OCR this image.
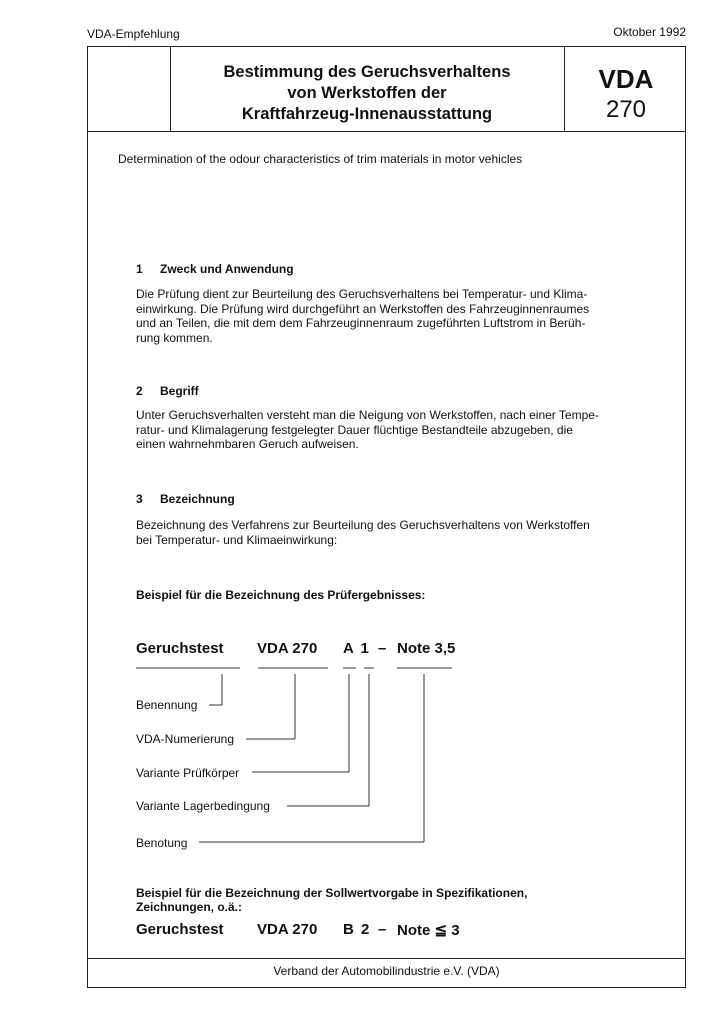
VDA-Empfehlung	Oktober 1992
Bestimmung des Geruchsverhaltens
von Werkstoffen der
Kraftfahrzeug-Innenausstattung
VDA
270
Determination of the odour characteristics of trim materials in motor vehicles
1 Zweck und Anwendung
Die Prüfung dient zur Beurteilung des Geruchsverhaltens bei Temperatur- und Klima-
einwirkung. Die Prüfung wird durchgeführt an Werkstoffen des Fahrzeuginnenraumes
und an Teilen, die mit dem dem Fahrzeuginnenraum zugeführten Luftstrom in Berüh-
rung kommen.
2 Begriff
Unter Geruchsverhalten versteht man die Neigung von Werkstoffen, nach einer Tempe-
ratur- und Klimalagerung festgelegter Dauer flüchtige Bestandteile abzugeben, die
einen wahrnehmbaren Geruch aufweisen.
3 Bezeichnung
Bezeichnung des Verfahrens zur Beurteilung des Geruchsverhaltens von Werkstoffen
bei Temperatur- und Klimaeinwirkung:
Beispiel für die Bezeichnung des Prüfergebnisses:
Geruchstest VDA 270 A 1 – Note 3,5
Benennung
VDA-Numerierung
Variante Prüfkörper
Variante Lagerbedingung
Benotung
Beispiel für die Bezeichnung der Sollwertvorgabe in Spezifikationen,
Zeichnungen, o.ä.:
Geruchstest VDA 270 B 2 – Note ≦ 3
Verband der Automobilindustrie e.V. (VDA)
